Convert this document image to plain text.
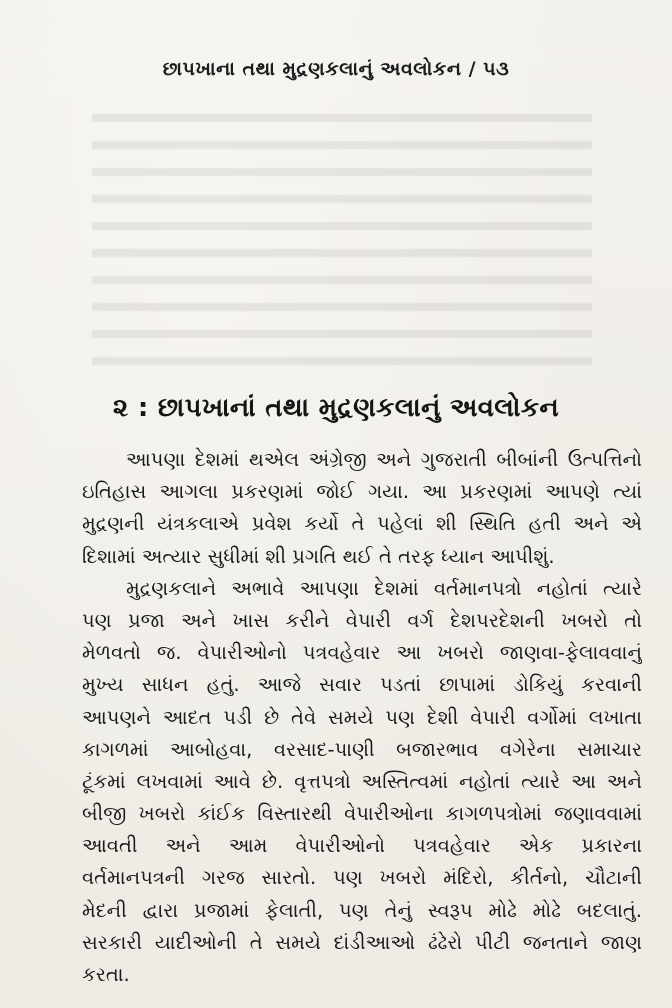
છાપખાના તથા મુદ્રણકલાનું અવલોકન / ૫૩
૨ : છાપખાનાં તથા મુદ્રણકલાનું અવલોકન
આપણા દેશમાં થએલ અંગ્રેજી અને ગુજરાતી બીબાંની ઉત્પત્તિનો
ઇતિહાસ આગલા પ્રકરણમાં જોઈ ગયા. આ પ્રકરણમાં આપણે ત્યાં
મુદ્રણની યંત્રકલાએ પ્રવેશ કર્યો તે પહેલાં શી સ્થિતિ હતી અને એ
દિશામાં અત્યાર સુધીમાં શી પ્રગતિ થઈ તે તરફ ધ્યાન આપીશું.
મુદ્રણકલાને અભાવે આપણા દેશમાં વર્તમાનપત્રો નહોતાં ત્યારે
પણ પ્રજા અને ખાસ કરીને વેપારી વર્ગ દેશપરદેશની ખબરો તો
મેળવતો જ. વેપારીઓનો પત્રવહેવાર આ ખબરો જાણવા-ફેલાવવાનું
મુખ્ય સાધન હતું. આજે સવાર પડતાં છાપામાં ડોકિયું કરવાની
આપણને આદત પડી છે તેવે સમયે પણ દેશી વેપારી વર્ગોમાં લખાતા
કાગળમાં આબોહવા, વરસાદ-પાણી બજારભાવ વગેરેના સમાચાર
ટૂંકમાં લખવામાં આવે છે. વૃત્તપત્રો અસ્તિત્વમાં નહોતાં ત્યારે આ અને
બીજી ખબરો કાંઈક વિસ્તારથી વેપારીઓના કાગળપત્રોમાં જણાવવામાં
આવતી અને આમ વેપારીઓનો પત્રવહેવાર એક પ્રકારના
વર્તમાનપત્રની ગરજ સારતો. પણ ખબરો મંદિરો, કીર્તનો, ચૌટાની
મેદની દ્વારા પ્રજામાં ફેલાતી, પણ તેનું સ્વરૂપ મોઢે મોઢે બદલાતું.
સરકારી યાદીઓની તે સમયે દાંડીઆઓ ઢંઢેરો પીટી જનતાને જાણ
કરતા.
